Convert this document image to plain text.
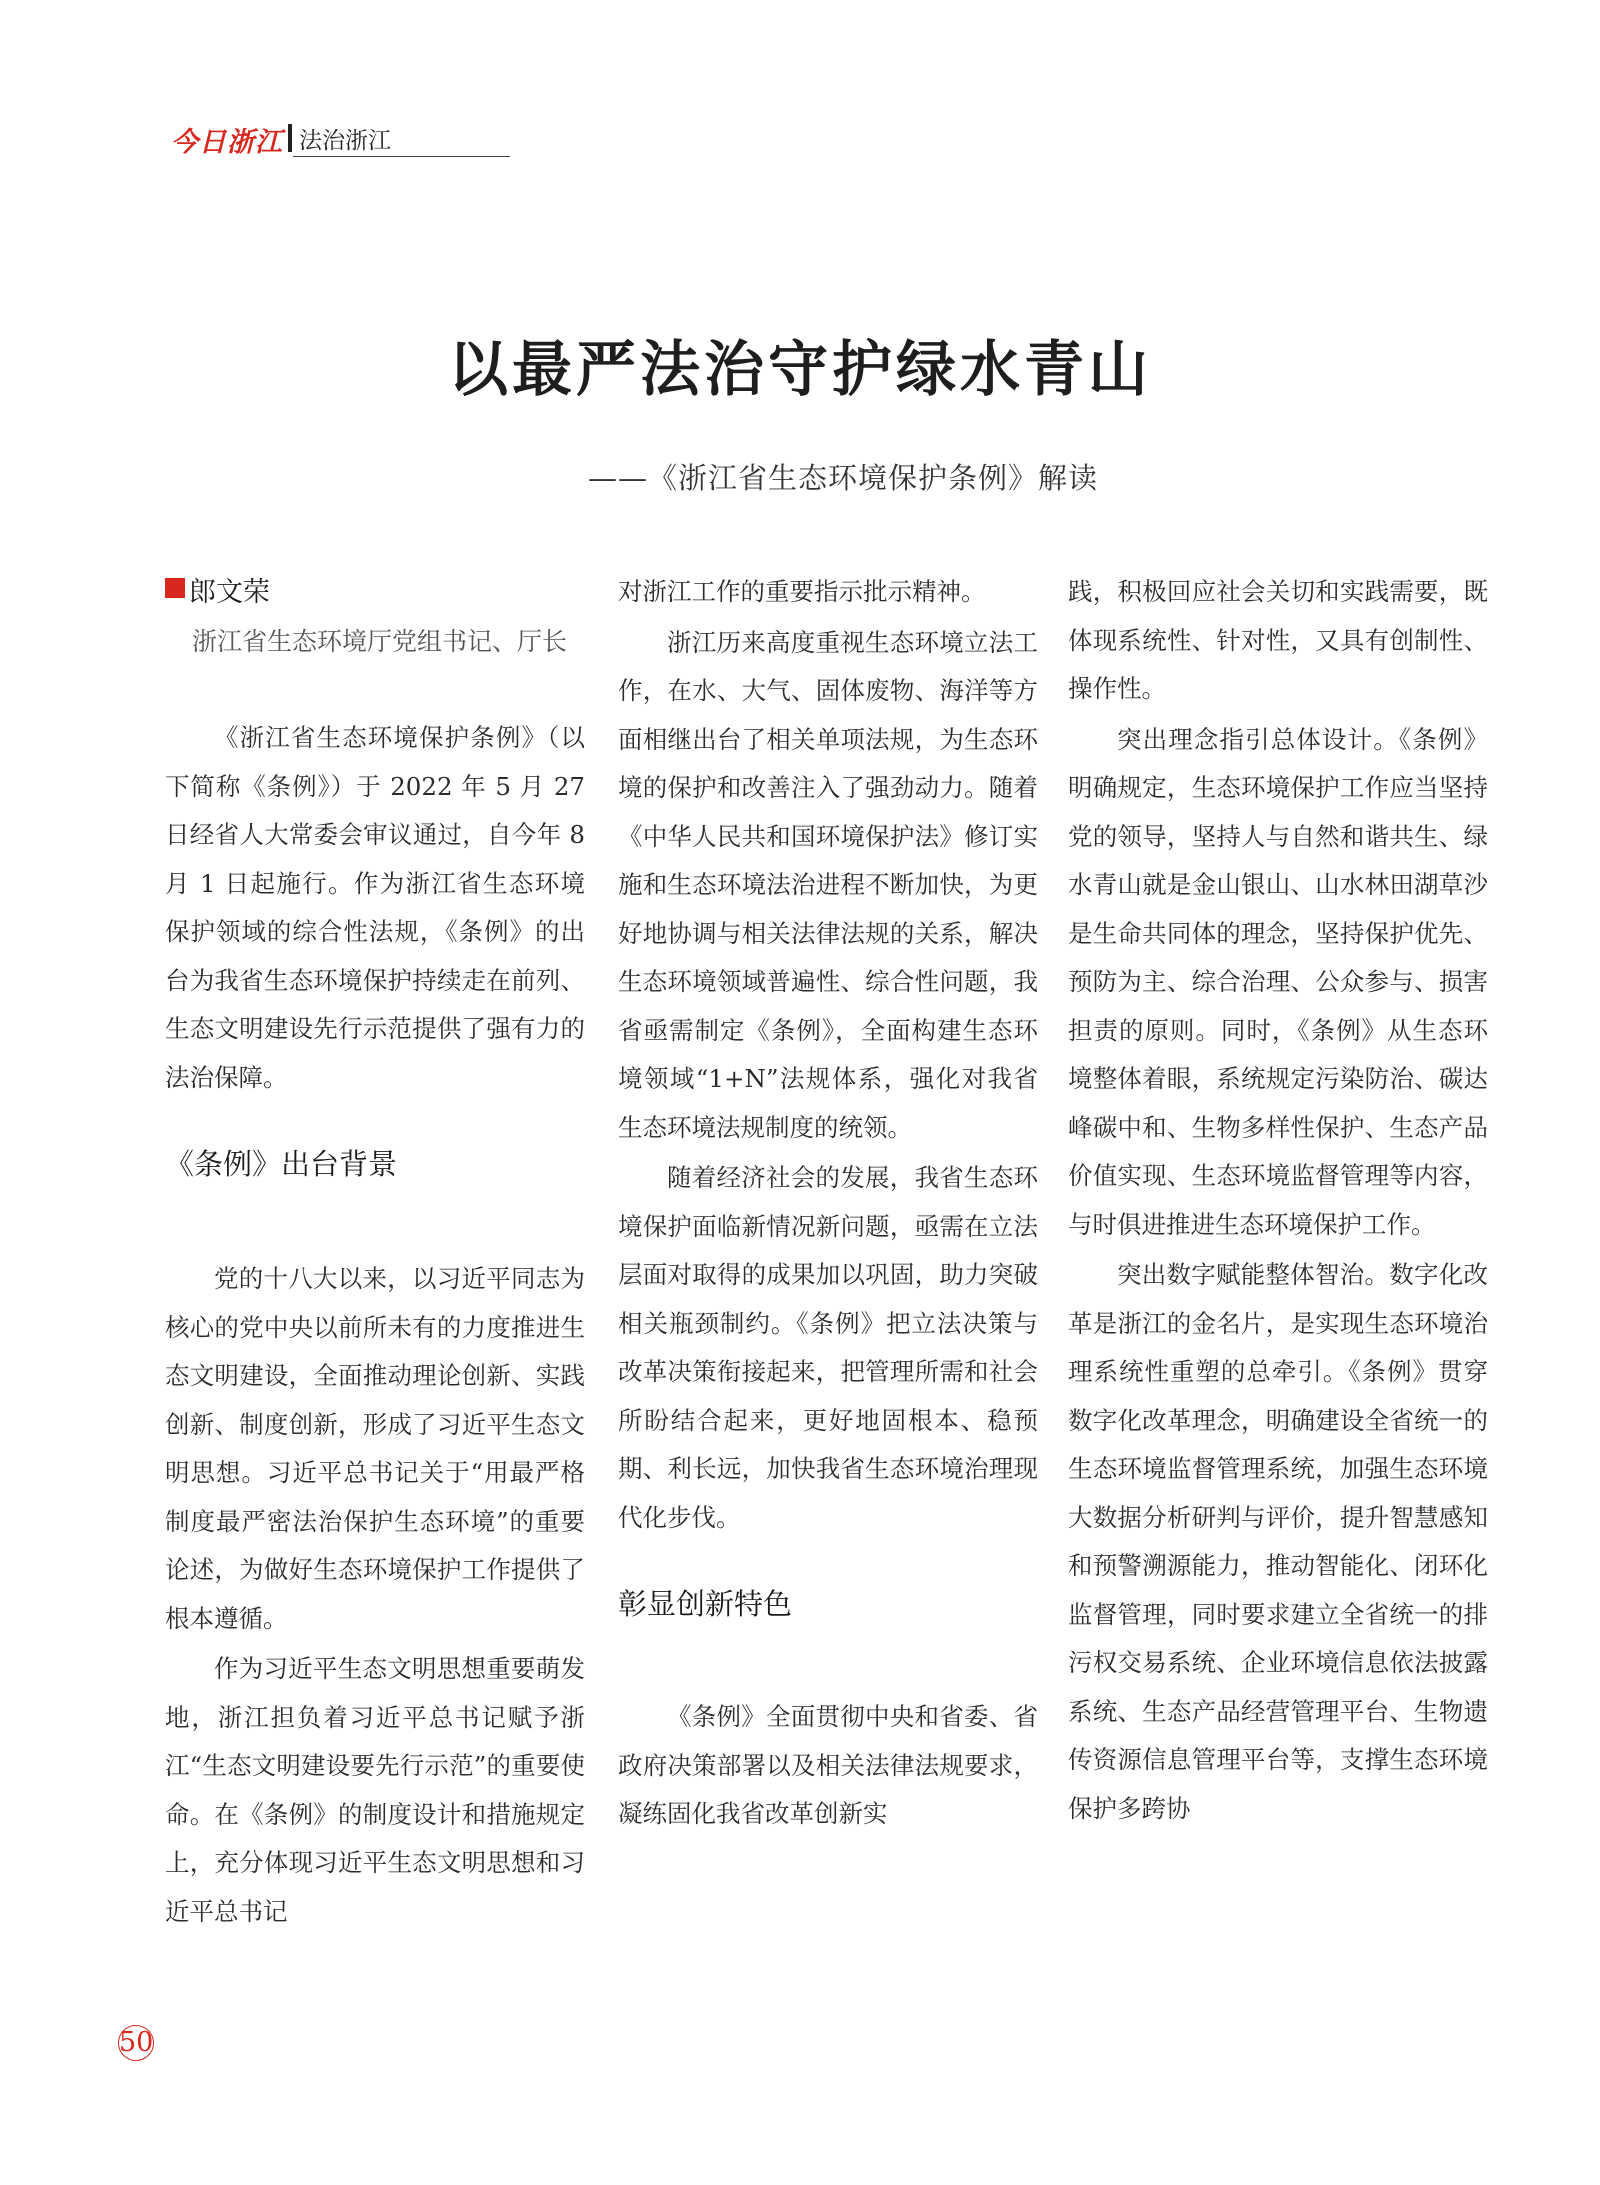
今日浙江 法治浙江
以最严法治守护绿水青山
——《浙江省生态环境保护条例》解读
郎文荣
浙江省生态环境厅党组书记、厅长

《浙江省生态环境保护条例》（以下简称《条例》）于 2022 年 5 月 27 日经省人大常委会审议通过，自今年 8 月 1 日起施行。作为浙江省生态环境保护领域的综合性法规，《条例》的出台为我省生态环境保护持续走在前列、生态文明建设先行示范提供了强有力的法治保障。

《条例》出台背景

党的十八大以来，以习近平同志为核心的党中央以前所未有的力度推进生态文明建设，全面推动理论创新、实践创新、制度创新，形成了习近平生态文明思想。习近平总书记关于“用最严格制度最严密法治保护生态环境”的重要论述，为做好生态环境保护工作提供了根本遵循。

作为习近平生态文明思想重要萌发地，浙江担负着习近平总书记赋予浙江“生态文明建设要先行示范”的重要使命。在《条例》的制度设计和措施规定上，充分体现习近平生态文明思想和习近平总书记

对浙江工作的重要指示批示精神。

浙江历来高度重视生态环境立法工作，在水、大气、固体废物、海洋等方面相继出台了相关单项法规，为生态环境的保护和改善注入了强劲动力。随着《中华人民共和国环境保护法》修订实施和生态环境法治进程不断加快，为更好地协调与相关法律法规的关系，解决生态环境领域普遍性、综合性问题，我省亟需制定《条例》，全面构建生态环境领域“1+N”法规体系，强化对我省生态环境法规制度的统领。

随着经济社会的发展，我省生态环境保护面临新情况新问题，亟需在立法层面对取得的成果加以巩固，助力突破相关瓶颈制约。《条例》把立法决策与改革决策衔接起来，把管理所需和社会所盼结合起来，更好地固根本、稳预期、利长远，加快我省生态环境治理现代化步伐。

彰显创新特色

《条例》全面贯彻中央和省委、省政府决策部署以及相关法律法规要求，凝练固化我省改革创新实

践，积极回应社会关切和实践需要，既体现系统性、针对性，又具有创制性、操作性。

突出理念指引总体设计。《条例》明确规定，生态环境保护工作应当坚持党的领导，坚持人与自然和谐共生、绿水青山就是金山银山、山水林田湖草沙是生命共同体的理念，坚持保护优先、预防为主、综合治理、公众参与、损害担责的原则。同时，《条例》从生态环境整体着眼，系统规定污染防治、碳达峰碳中和、生物多样性保护、生态产品价值实现、生态环境监督管理等内容，与时俱进推进生态环境保护工作。

突出数字赋能整体智治。数字化改革是浙江的金名片，是实现生态环境治理系统性重塑的总牵引。《条例》贯穿数字化改革理念，明确建设全省统一的生态环境监督管理系统，加强生态环境大数据分析研判与评价，提升智慧感知和预警溯源能力，推动智能化、闭环化监督管理，同时要求建立全省统一的排污权交易系统、企业环境信息依法披露系统、生态产品经营管理平台、生物遗传资源信息管理平台等，支撑生态环境保护多跨协

50
